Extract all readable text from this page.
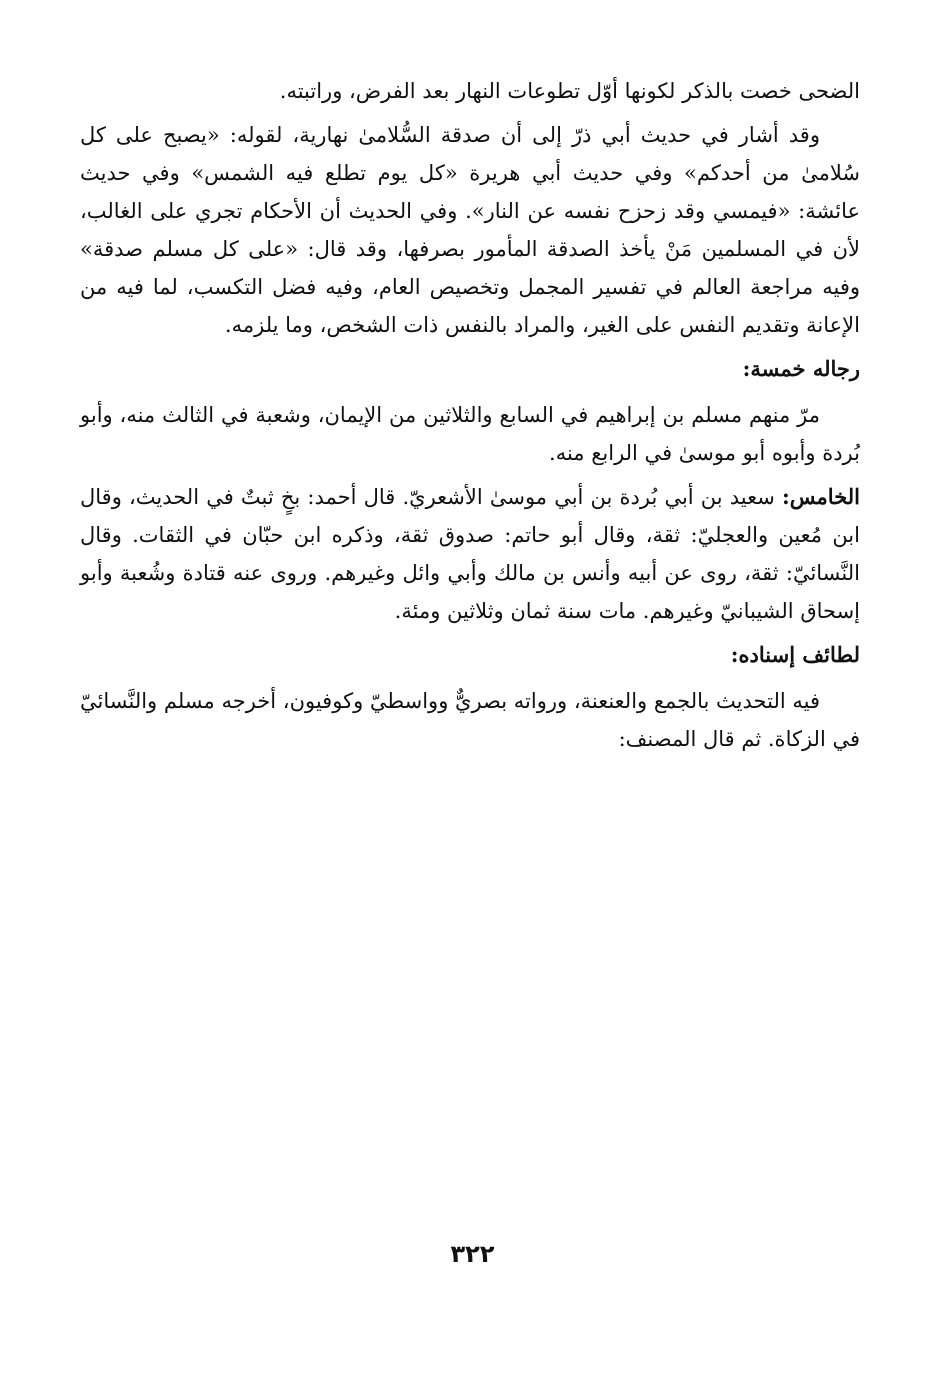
الضحى خصت بالذكر لكونها أوّل تطوعات النهار بعد الفرض، وراتبته.

وقد أشار في حديث أبي ذرّ إلى أن صدقة السُّلامىٰ نهارية، لقوله: «يصبح على كل سُلامىٰ من أحدكم» وفي حديث أبي هريرة «كل يوم تطلع فيه الشمس» وفي حديث عائشة: «فيمسي وقد زحزح نفسه عن النار». وفي الحديث أن الأحكام تجري على الغالب، لأن في المسلمين مَنْ يأخذ الصدقة المأمور بصرفها، وقد قال: «على كل مسلم صدقة» وفيه مراجعة العالم في تفسير المجمل وتخصيص العام، وفيه فضل التكسب، لما فيه من الإعانة وتقديم النفس على الغير، والمراد بالنفس ذات الشخص، وما يلزمه.

رجاله خمسة:

مرّ منهم مسلم بن إبراهيم في السابع والثلاثين من الإيمان، وشعبة في الثالث منه، وأبو بُردة وأبوه أبو موسىٰ في الرابع منه.

الخامس: سعيد بن أبي بُردة بن أبي موسىٰ الأشعريّ. قال أحمد: بخٍ ثبتٌ في الحديث، وقال ابن مُعين والعجليّ: ثقة، وقال أبو حاتم: صدوق ثقة، وذكره ابن حبّان في الثقات. وقال النَّسائيّ: ثقة، روى عن أبيه وأنس بن مالك وأبي وائل وغيرهم. وروى عنه قتادة وشُعبة وأبو إسحاق الشيبانيّ وغيرهم. مات سنة ثمان وثلاثين ومئة.

لطائف إسناده:

فيه التحديث بالجمع والعنعنة، ورواته بصريٌّ وواسطيّ وكوفيون، أخرجه مسلم والنَّسائيّ في الزكاة. ثم قال المصنف:

٣٢٢
